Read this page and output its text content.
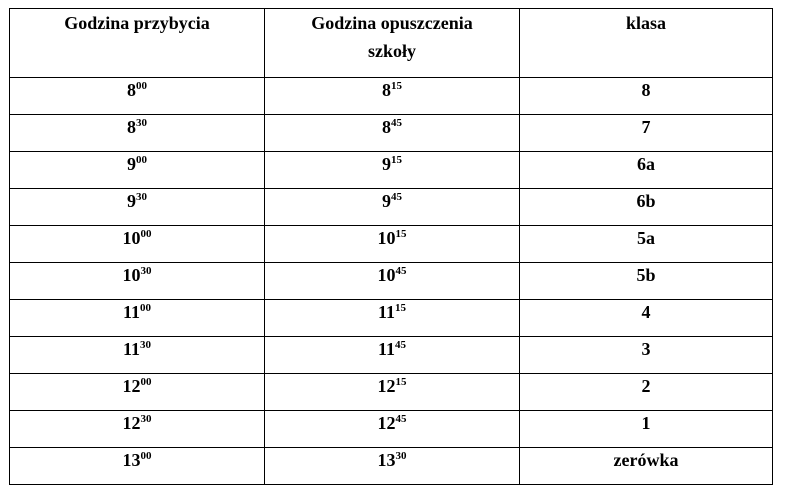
Godzina przybycia	Godzina opuszczenia szkoły	klasa
$8^{00}$	$8^{15}$	8
$8^{30}$	$8^{45}$	7
$9^{00}$	$9^{15}$	6a
$9^{30}$	$9^{45}$	6b
$10^{00}$	$10^{15}$	5a
$10^{30}$	$10^{45}$	5b
$11^{00}$	$11^{15}$	4
$11^{30}$	$11^{45}$	3
$12^{00}$	$12^{15}$	2
$12^{30}$	$12^{45}$	1
$13^{00}$	$13^{30}$	zerówka
